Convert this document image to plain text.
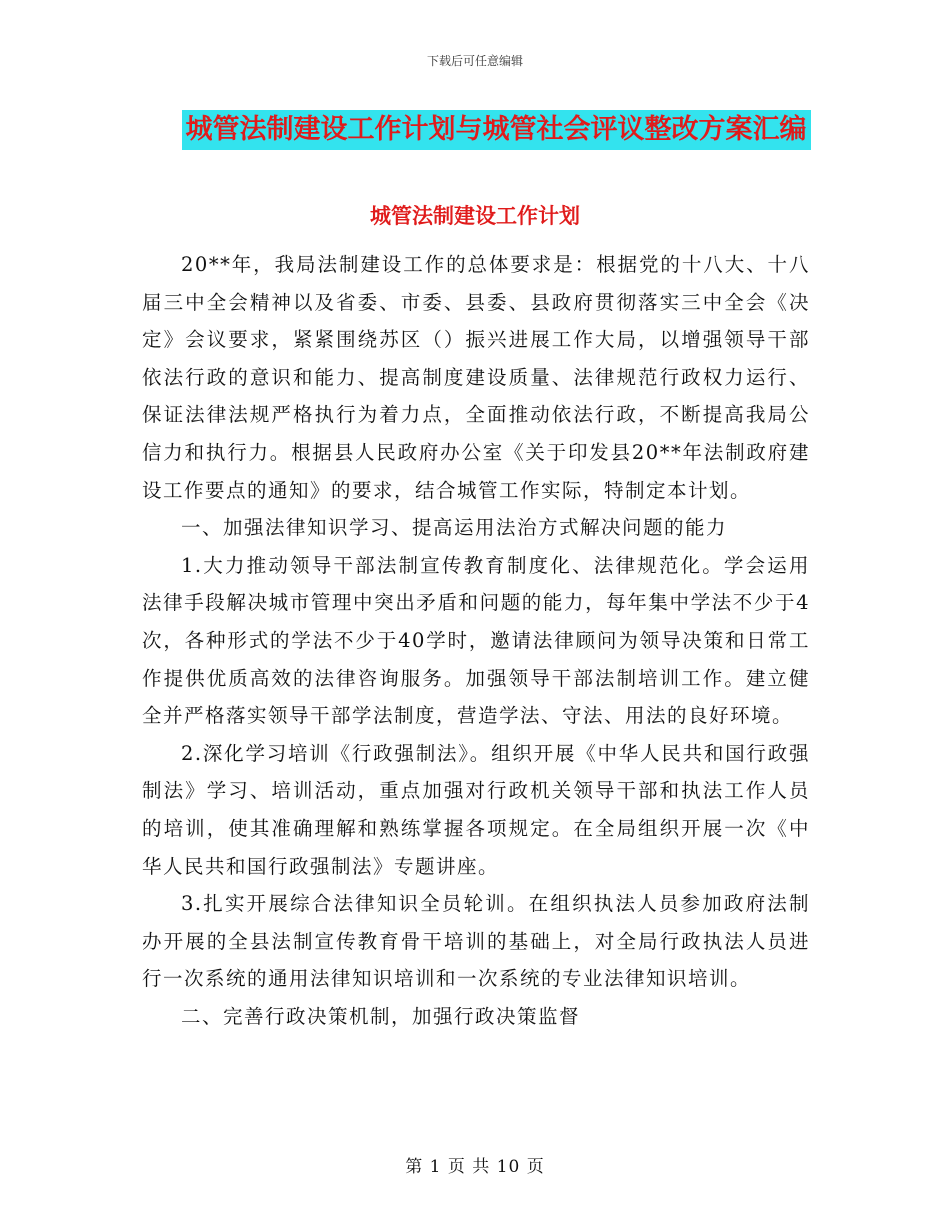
下载后可任意编辑
城管法制建设工作计划与城管社会评议整改方案汇编
城管法制建设工作计划

20**年，我局法制建设工作的总体要求是：根据党的十八大、十八届三中全会精神以及省委、市委、县委、县政府贯彻落实三中全会《决定》会议要求，紧紧围绕苏区（）振兴进展工作大局，以增强领导干部依法行政的意识和能力、提高制度建设质量、法律规范行政权力运行、保证法律法规严格执行为着力点，全面推动依法行政，不断提高我局公信力和执行力。根据县人民政府办公室《关于印发县20**年法制政府建设工作要点的通知》的要求，结合城管工作实际，特制定本计划。

一、加强法律知识学习、提高运用法治方式解决问题的能力

1.大力推动领导干部法制宣传教育制度化、法律规范化。学会运用法律手段解决城市管理中突出矛盾和问题的能力，每年集中学法不少于4次，各种形式的学法不少于40学时，邀请法律顾问为领导决策和日常工作提供优质高效的法律咨询服务。加强领导干部法制培训工作。建立健全并严格落实领导干部学法制度，营造学法、守法、用法的良好环境。

2.深化学习培训《行政强制法》。组织开展《中华人民共和国行政强制法》学习、培训活动，重点加强对行政机关领导干部和执法工作人员的培训，使其准确理解和熟练掌握各项规定。在全局组织开展一次《中华人民共和国行政强制法》专题讲座。

3.扎实开展综合法律知识全员轮训。在组织执法人员参加政府法制办开展的全县法制宣传教育骨干培训的基础上，对全局行政执法人员进行一次系统的通用法律知识培训和一次系统的专业法律知识培训。

二、完善行政决策机制，加强行政决策监督

第 1 页 共 10 页
